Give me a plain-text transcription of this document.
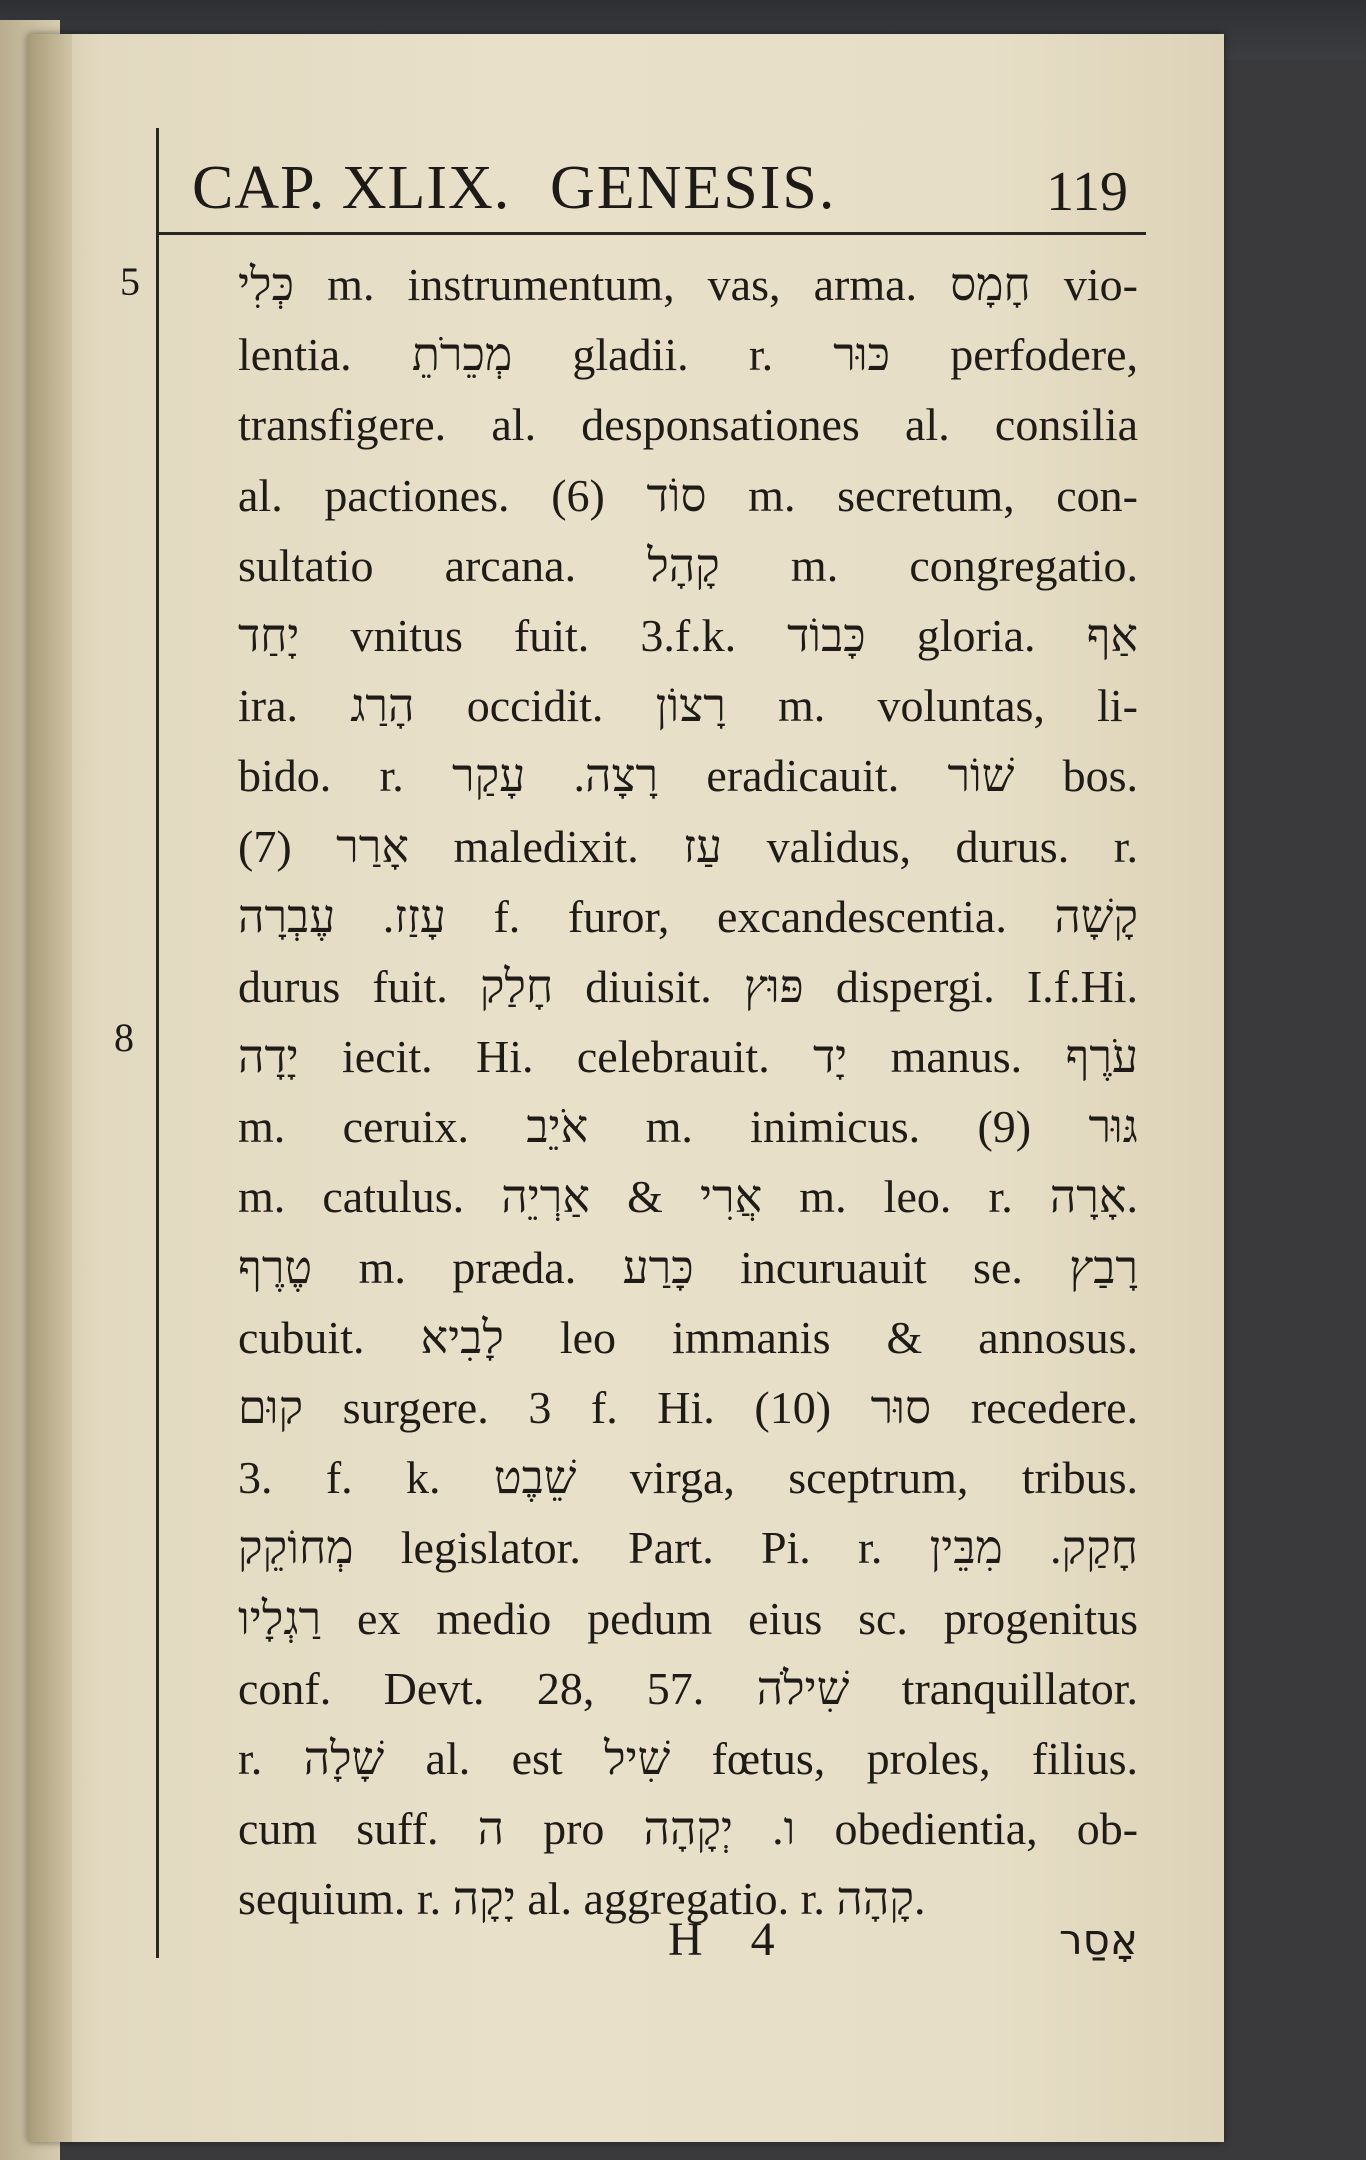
CAP. XLIX. GENESIS.	119
5
8
כְּלִי m. instrumentum, vas, arma. חָמָס vio-
lentia. מְכֵרֹתֵ gladii. r. כּוּר perfodere,
transfigere. al. desponsationes al. consilia
al. pactiones. (6) סוֹד m. secretum, con-
sultatio arcana. קָהָל m. congregatio.
יָחַד vnitus fuit. 3.f.k. כָּבוֹד gloria. אַף
ira. הָרַג occidit. רָצוֹן m. voluntas, li-
bido. r. רָצָה. עָקַר eradicauit. שׁוֹר bos.
(7) אָרַר maledixit. עַז validus, durus. r.
עָזַז. עֶבְרָה f. furor, excandescentia. קָשָׁה
durus fuit. חָלַק diuisit. פּוּץ dispergi. I.f.Hi.
יָדָה iecit. Hi. celebrauit. יָד manus. עֹרֶף
m. ceruix. אֹיֵב m. inimicus. (9) גּוּר
m. catulus. אֲרִי & אַרְיֵה m. leo. r. אָרָה.
טֶרֶף m. præda. כָּרַע incuruauit se. רָבַץ
cubuit. לָבִיא leo immanis & annosus.
קוּם surgere. 3 f. Hi. (10) סוּר recedere.
3. f. k. שֵׁבֶט virga, sceptrum, tribus.
מְחוֹקֵק legislator. Part. Pi. r. חָקַק. מִבֵּין
רַגְלָיו ex medio pedum eius sc. progenitus
conf. Devt. 28, 57. שִׁילֹה tranquillator.
r. שָׁלָה al. est שִׁיל fœtus, proles, filius.
cum suff. ה pro ו. יְקָהָה obedientia, ob-
sequium. r. יָקָה al. aggregatio. r. קָהָה.
H 4	אָסַר
